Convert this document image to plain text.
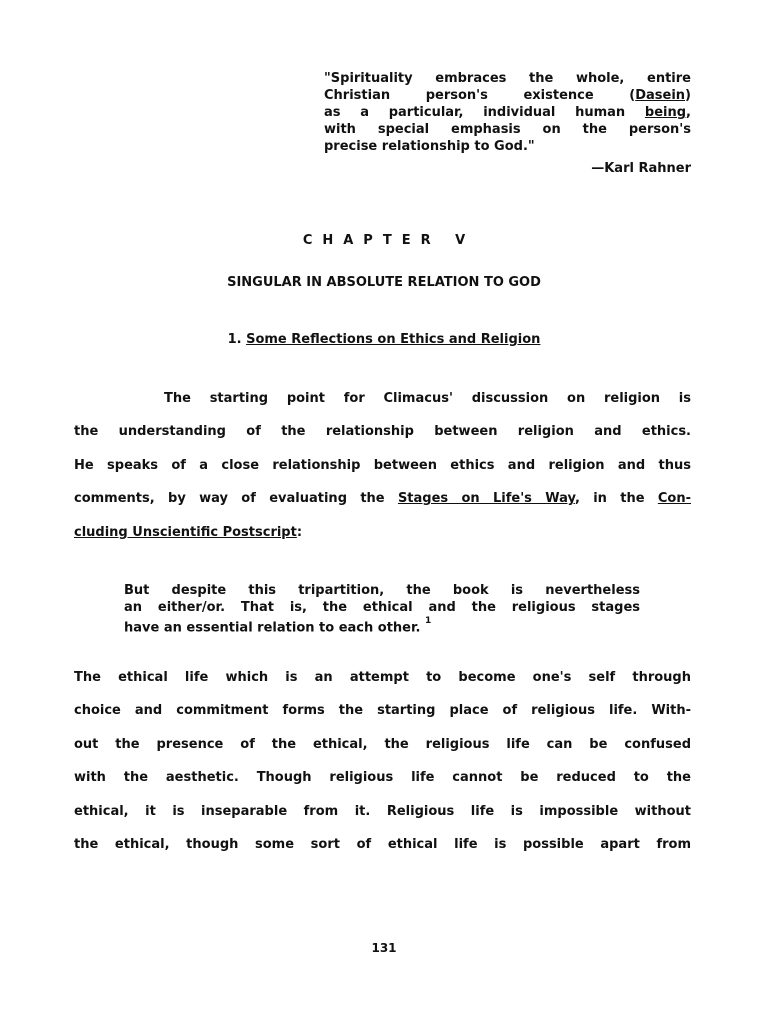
"Spirituality embraces the whole, entire
Christian person's existence (Dasein)
as a particular, individual human being,
with special emphasis on the person's
precise relationship to God."
—Karl Rahner
CHAPTER V
SINGULAR IN ABSOLUTE RELATION TO GOD
1. Some Reflections on Ethics and Religion
The starting point for Climacus' discussion on religion is
the understanding of the relationship between religion and ethics.
He speaks of a close relationship between ethics and religion and thus
comments, by way of evaluating the Stages on Life's Way, in the Con-
cluding Unscientific Postscript:
But despite this tripartition, the book is nevertheless
an either/or. That is, the ethical and the religious stages
have an essential relation to each other. $^1$
The ethical life which is an attempt to become one's self through
choice and commitment forms the starting place of religious life. With-
out the presence of the ethical, the religious life can be confused
with the aesthetic. Though religious life cannot be reduced to the
ethical, it is inseparable from it. Religious life is impossible without
the ethical, though some sort of ethical life is possible apart from
131
